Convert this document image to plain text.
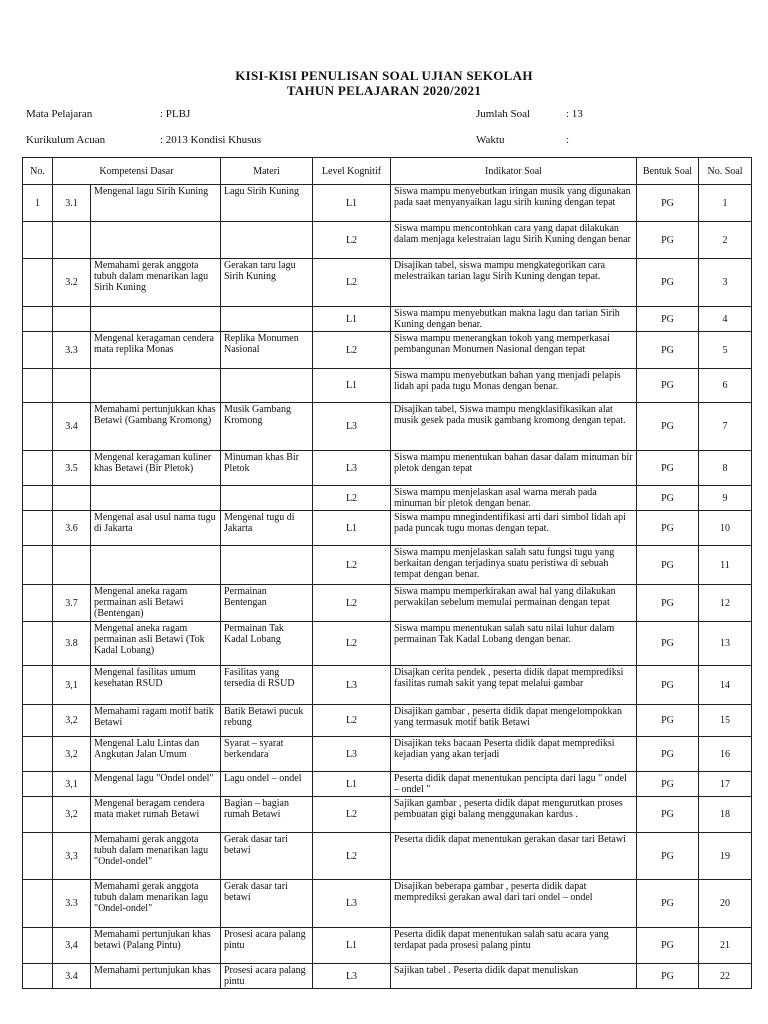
KISI-KISI PENULISAN SOAL UJIAN SEKOLAH
TAHUN PELAJARAN 2020/2021
Mata Pelajaran	: PLBJ	Jumlah Soal	: 13
Kurikulum Acuan	: 2013 Kondisi Khusus	Waktu	:
No.	Kompetensi Dasar		Materi	Level Kognitif	Indikator Soal	Bentuk Soal	No. Soal
1	3.1	Mengenal lagu Sirih Kuning	Lagu Sirih Kuning	L1	Siswa mampu menyebutkan iringan musik yang digunakan pada saat menyanyaikan lagu sirih kuning dengan tepat	PG	1
				L2	Siswa mampu mencontohkan cara yang dapat dilakukan dalam menjaga kelestraian lagu Sirih Kuning dengan benar	PG	2
	3.2	Memahami gerak anggota tubuh dalam menarikan lagu Sirih Kuning	Gerakan taru lagu Sirih Kuning	L2	Disajikan tabel, siswa mampu mengkategorikan cara melestraikan tarian lagu Sirih Kuning dengan tepat.	PG	3
				L1	Siswa mampu menyebutkan makna lagu dan tarian Sirih Kuning dengan benar.	PG	4
	3.3	Mengenal keragaman cendera mata replika Monas	Replika Monumen Nasional	L2	Siswa mampu menerangkan tokoh yang memperkasai pembangunan Monumen Nasional dengan tepat	PG	5
				L1	Siswa mampu menyebutkan bahan yang menjadi pelapis lidah api pada tugu Monas dengan benar.	PG	6
	3.4	Memahami pertunjukkan khas Betawi (Gambang Kromong)	Musik Gambang Kromong	L3	Disajikan tabel, Siswa mampu mengklasifikasikan alat musik gesek pada musik gambang kromong dengan tepat.	PG	7
	3.5	Mengenal keragaman kuliner khas Betawi (Bir Pletok)	Minuman khas Bir Pletok	L3	Siswa mampu menentukan bahan dasar dalam minuman bir pletok dengan tepat	PG	8
				L2	Siswa mampu menjelaskan asal warna merah pada minuman bir pletok dengan benar.	PG	9
	3.6	Mengenal asal usul nama tugu di Jakarta	Mengenal tugu di Jakarta	L1	Siswa mampu mnegindentifikasi arti dari simbol lidah api pada puncak tugu monas dengan tepat.	PG	10
				L2	Siswa mampu menjelaskan salah satu fungsi tugu yang berkaitan dengan terjadinya suatu peristiwa di sebuah tempat dengan benar.	PG	11
	3.7	Mengenal aneka ragam permainan asli Betawi (Bentengan)	Permainan Bentengan	L2	Siswa mampu memperkirakan awal hal yang dilakukan perwakilan sebelum memulai permainan dengan tepat	PG	12
	3.8	Mengenal aneka ragam permainan asli Betawi (Tok Kadal Lobang)	Permainan Tak Kadal Lobang	L2	Siswa mampu menentukan salah satu nilai luhur dalam permainan Tak Kadal Lobang dengan benar.	PG	13
	3,1	Mengenal fasilitas umum kesehatan RSUD	Fasilitas yang tersedia di RSUD	L3	Disajkan cerita pendek , peserta didik dapat memprediksi fasilitas rumah sakit yang tepat melalui gambar	PG	14
	3,2	Memahami ragam motif batik Betawi	Batik Betawi pucuk rebung	L2	Disajikan gambar , peserta didik dapat mengelompokkan yang termasuk motif batik Betawi	PG	15
	3,2	Mengenal Lalu Lintas dan Angkutan Jalan Umum	Syarat – syarat berkendara	L3	Disajikan teks bacaan Peserta didik dapat memprediksi kejadian yang akan terjadi	PG	16
	3,1	Mengenal lagu "Ondel ondel"	Lagu ondel – ondel	L1	Peserta didik dapat menentukan pencipta dari lagu " ondel – ondel "	PG	17
	3,2	Mengenal beragam cendera mata maket rumah Betawi	Bagian – bagian rumah Betawi	L2	Sajikan gambar , peserta didik dapat mengurutkan proses pembuatan gigi balang menggunakan kardus .	PG	18
	3,3	Memahami gerak anggota tubuh dalam menarikan lagu "Ondel-ondel"	Gerak dasar tari betawi	L2	Peserta didik dapat menentukan gerakan dasar tari Betawi	PG	19
	3.3	Memahami gerak anggota tubuh dalam menarikan lagu "Ondel-ondel"	Gerak dasar tari betawi	L3	Disajikan beberapa gambar , peserta didik dapat memprediksi gerakan awal dari tari ondel – ondel	PG	20
	3,4	Memahami pertunjukan khas betawi (Palang Pintu)	Prosesi acara palang pintu	L1	Peserta didik dapat menentukan salah satu acara yang terdapat pada prosesi palang pintu	PG	21
	3.4	Memahami pertunjukan khas	Prosesi acara palang pintu	L3	Sajikan tabel . Peserta didik dapat menuliskan	PG	22
